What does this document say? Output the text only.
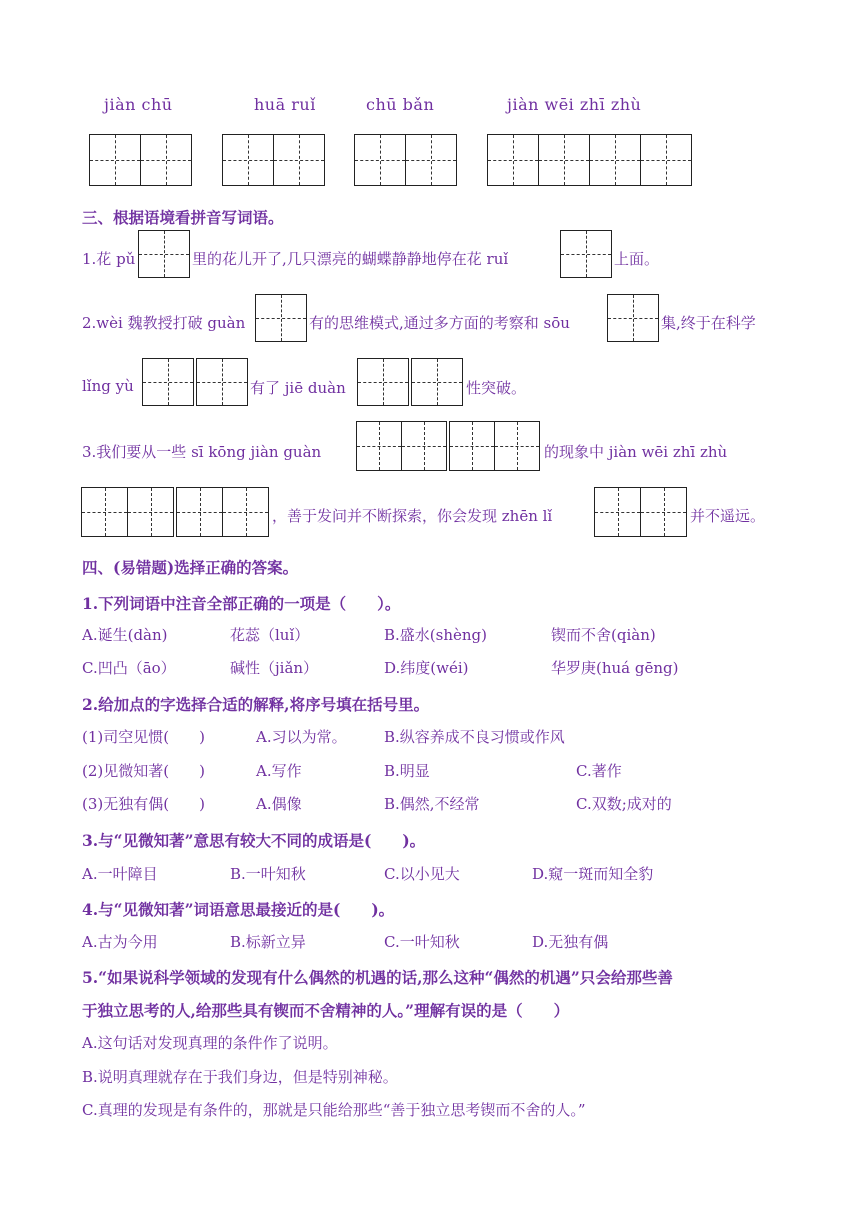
jiàn chū	huā ruǐ	chū bǎn	jiàn wēi zhī zhù
三、根据语境看拼音写词语。
1.花 pǔ	里的花儿开了,几只漂亮的蝴蝶静静地停在花 ruǐ	上面。
2.wèi 魏教授打破 guàn	有的思维模式,通过多方面的考察和 sōu	集,终于在科学
lǐng yù	有了 jiē duàn	性突破。
3.我们要从一些 sī kōng jiàn guàn	的现象中 jiàn wēi zhī zhù
，善于发问并不断探索，你会发现 zhēn lǐ	并不遥远。
四、(易错题)选择正确的答案。
1.下列词语中注音全部正确的一项是（　　）。
A.诞生(dàn)	花蕊（luǐ）	B.盛水(shèng)	锲而不舍(qiàn)
C.凹凸（āo）	碱性（jiǎn）	D.纬度(wéi)	华罗庚(huá gēng)
2.给加点的字选择合适的解释,将序号填在括号里。
(1)司空见惯(　　)	A.习以为常。 B.纵容养成不良习惯或作风
(2)见微知著(　　)	A.写作	B.明显	C.著作
(3)无独有偶(　　)	A.偶像	B.偶然,不经常	C.双数;成对的
3.与“见微知著”意思有较大不同的成语是(　　)。
A.一叶障目	B.一叶知秋	C.以小见大	D.窥一斑而知全豹
4.与“见微知著”词语意思最接近的是(　　)。
A.古为今用	B.标新立异	C.一叶知秋	D.无独有偶
5.“如果说科学领域的发现有什么偶然的机遇的话,那么这种“偶然的机遇”只会给那些善
于独立思考的人,给那些具有锲而不舍精神的人。”理解有误的是（　　）
A.这句话对发现真理的条件作了说明。
B.说明真理就存在于我们身边，但是特别神秘。
C.真理的发现是有条件的，那就是只能给那些“善于独立思考锲而不舍的人。”
